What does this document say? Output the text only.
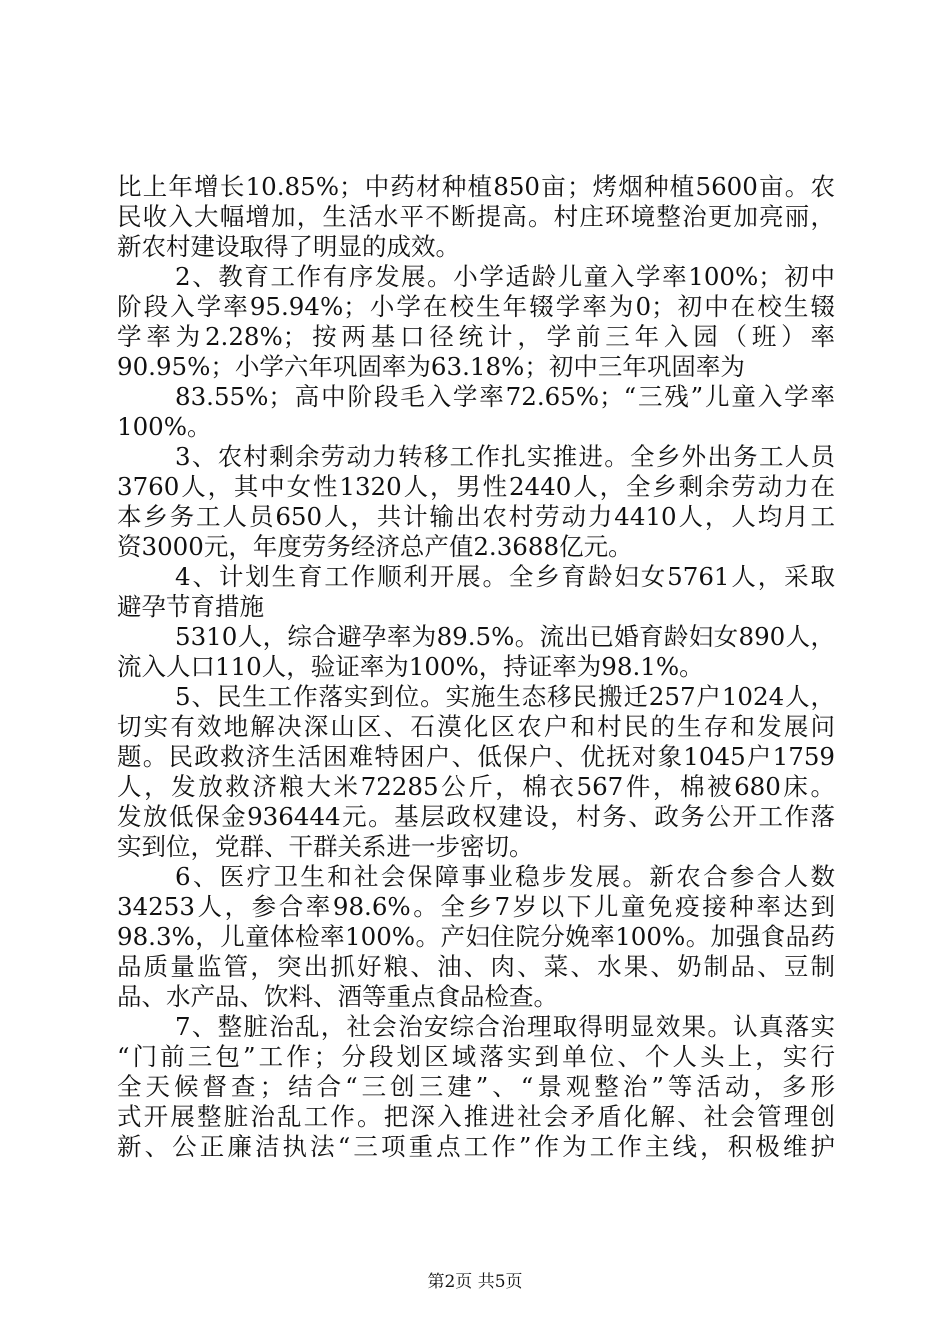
比上年增长10.85%；中药材种植850亩；烤烟种植5600亩。农
民收入大幅增加，生活水平不断提高。村庄环境整治更加亮丽，
新农村建设取得了明显的成效。
2、教育工作有序发展。小学适龄儿童入学率100%；初中
阶段入学率95.94%；小学在校生年辍学率为0；初中在校生辍
学率为2.28%；按两基口径统计，学前三年入园（班）率
90.95%；小学六年巩固率为63.18%；初中三年巩固率为
83.55%；高中阶段毛入学率72.65%；“三残”儿童入学率
100%。
3、农村剩余劳动力转移工作扎实推进。全乡外出务工人员
3760人，其中女性1320人，男性2440人，全乡剩余劳动力在
本乡务工人员650人，共计输出农村劳动力4410人，人均月工
资3000元，年度劳务经济总产值2.3688亿元。
4、计划生育工作顺利开展。全乡育龄妇女5761人，采取
避孕节育措施
5310人，综合避孕率为89.5%。流出已婚育龄妇女890人，
流入人口110人，验证率为100%，持证率为98.1%。
5、民生工作落实到位。实施生态移民搬迁257户1024人，
切实有效地解决深山区、石漠化区农户和村民的生存和发展问
题。民政救济生活困难特困户、低保户、优抚对象1045户1759
人，发放救济粮大米72285公斤，棉衣567件，棉被680床。
发放低保金936444元。基层政权建设，村务、政务公开工作落
实到位，党群、干群关系进一步密切。
6、医疗卫生和社会保障事业稳步发展。新农合参合人数
34253人，参合率98.6%。全乡7岁以下儿童免疫接种率达到
98.3%，儿童体检率100%。产妇住院分娩率100%。加强食品药
品质量监管，突出抓好粮、油、肉、菜、水果、奶制品、豆制
品、水产品、饮料、酒等重点食品检查。
7、整脏治乱，社会治安综合治理取得明显效果。认真落实
“门前三包”工作；分段划区域落实到单位、个人头上，实行
全天候督查；结合“三创三建”、“景观整治”等活动，多形
式开展整脏治乱工作。把深入推进社会矛盾化解、社会管理创
新、公正廉洁执法“三项重点工作”作为工作主线，积极维护
第2页 共5页
